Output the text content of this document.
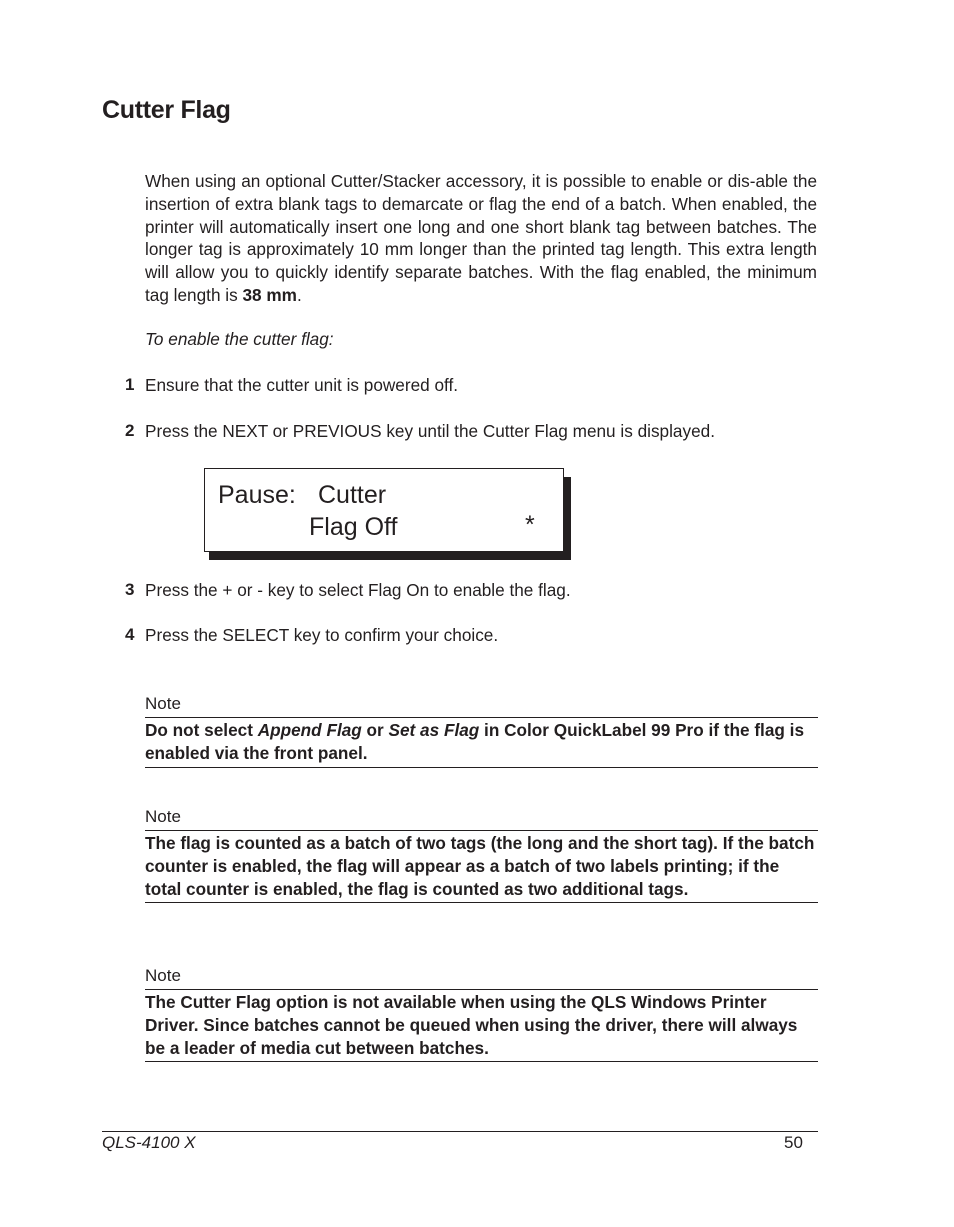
Cutter Flag
When using an optional Cutter/Stacker accessory, it is possible to enable or dis-able the insertion of extra blank tags to demarcate or flag the end of a batch. When enabled, the printer will automatically insert one long and one short blank tag between batches. The longer tag is approximately 10 mm longer than the printed tag length. This extra length will allow you to quickly identify separate batches. With the flag enabled, the minimum tag length is 38 mm.
To enable the cutter flag:
1 Ensure that the cutter unit is powered off.
2 Press the NEXT or PREVIOUS key until the Cutter Flag menu is displayed.
Pause: Cutter
Flag Off	*
3 Press the + or - key to select Flag On to enable the flag.
4 Press the SELECT key to confirm your choice.
Note
Do not select Append Flag or Set as Flag in Color QuickLabel 99 Pro if the flag is enabled via the front panel.
Note
The flag is counted as a batch of two tags (the long and the short tag). If the batch counter is enabled, the flag will appear as a batch of two labels printing; if the total counter is enabled, the flag is counted as two additional tags.
Note
The Cutter Flag option is not available when using the QLS Windows Printer Driver. Since batches cannot be queued when using the driver, there will always be a leader of media cut between batches.
QLS-4100 X	50
